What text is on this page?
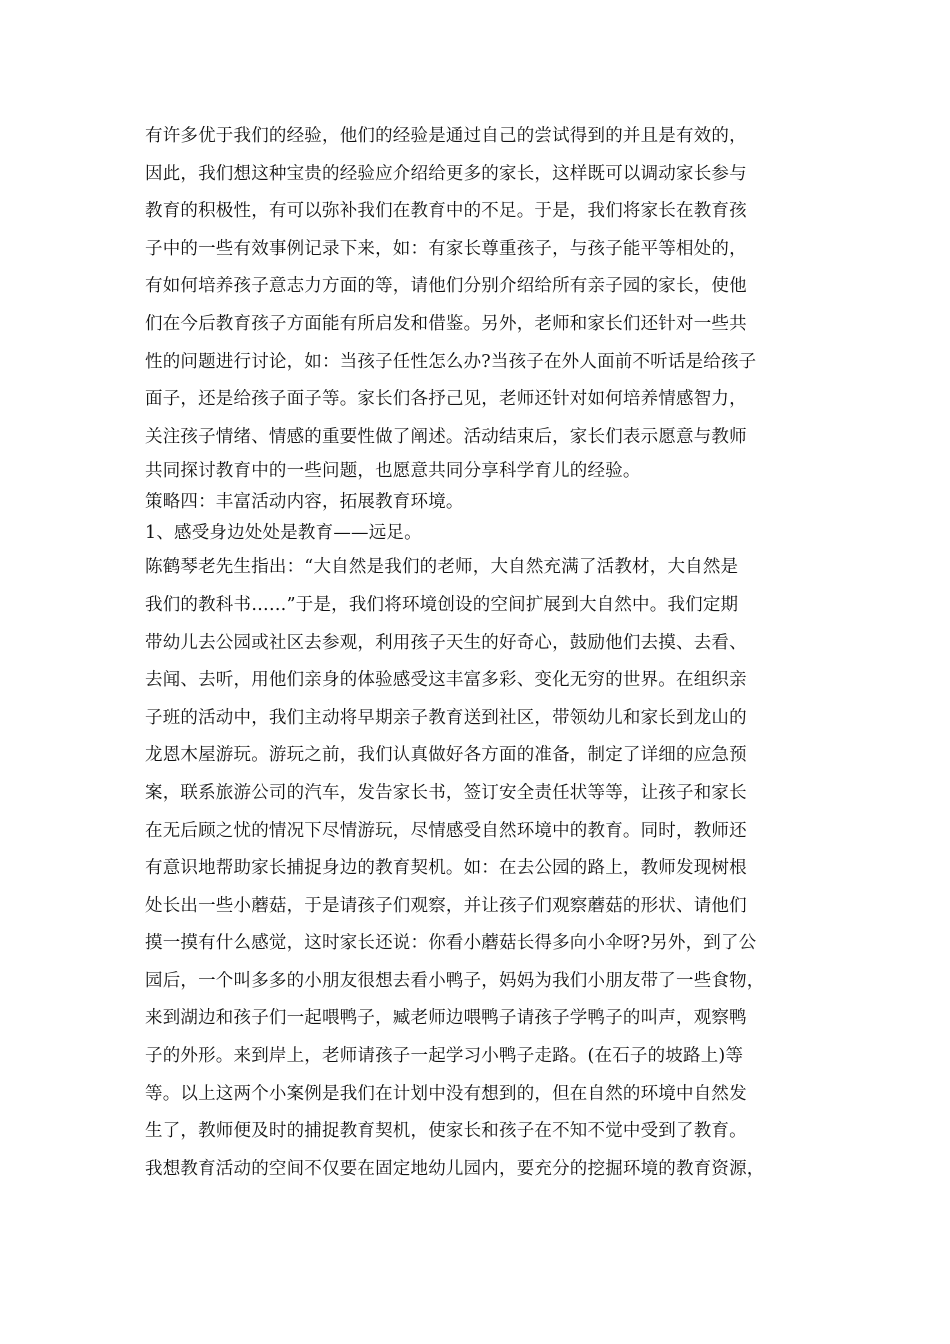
有许多优于我们的经验，他们的经验是通过自己的尝试得到的并且是有效的，
因此，我们想这种宝贵的经验应介绍给更多的家长，这样既可以调动家长参与
教育的积极性，有可以弥补我们在教育中的不足。于是，我们将家长在教育孩
子中的一些有效事例记录下来，如：有家长尊重孩子，与孩子能平等相处的，
有如何培养孩子意志力方面的等，请他们分别介绍给所有亲子园的家长，使他
们在今后教育孩子方面能有所启发和借鉴。另外，老师和家长们还针对一些共
性的问题进行讨论，如：当孩子任性怎么办?当孩子在外人面前不听话是给孩子
面子，还是给孩子面子等。家长们各抒己见，老师还针对如何培养情感智力，
关注孩子情绪、情感的重要性做了阐述。活动结束后，家长们表示愿意与教师
共同探讨教育中的一些问题，也愿意共同分享科学育儿的经验。
策略四：丰富活动内容，拓展教育环境。
1、感受身边处处是教育——远足。
陈鹤琴老先生指出：“大自然是我们的老师，大自然充满了活教材，大自然是
我们的教科书……”于是，我们将环境创设的空间扩展到大自然中。我们定期
带幼儿去公园或社区去参观，利用孩子天生的好奇心，鼓励他们去摸、去看、
去闻、去听，用他们亲身的体验感受这丰富多彩、变化无穷的世界。在组织亲
子班的活动中，我们主动将早期亲子教育送到社区，带领幼儿和家长到龙山的
龙恩木屋游玩。游玩之前，我们认真做好各方面的准备，制定了详细的应急预
案，联系旅游公司的汽车，发告家长书，签订安全责任状等等，让孩子和家长
在无后顾之忧的情况下尽情游玩，尽情感受自然环境中的教育。同时，教师还
有意识地帮助家长捕捉身边的教育契机。如：在去公园的路上，教师发现树根
处长出一些小蘑菇，于是请孩子们观察，并让孩子们观察蘑菇的形状、请他们
摸一摸有什么感觉，这时家长还说：你看小蘑菇长得多向小伞呀?另外，到了公
园后，一个叫多多的小朋友很想去看小鸭子，妈妈为我们小朋友带了一些食物，
来到湖边和孩子们一起喂鸭子，臧老师边喂鸭子请孩子学鸭子的叫声，观察鸭
子的外形。来到岸上，老师请孩子一起学习小鸭子走路。(在石子的坡路上)等
等。以上这两个小案例是我们在计划中没有想到的，但在自然的环境中自然发
生了，教师便及时的捕捉教育契机，使家长和孩子在不知不觉中受到了教育。
我想教育活动的空间不仅要在固定地幼儿园内，要充分的挖掘环境的教育资源，
